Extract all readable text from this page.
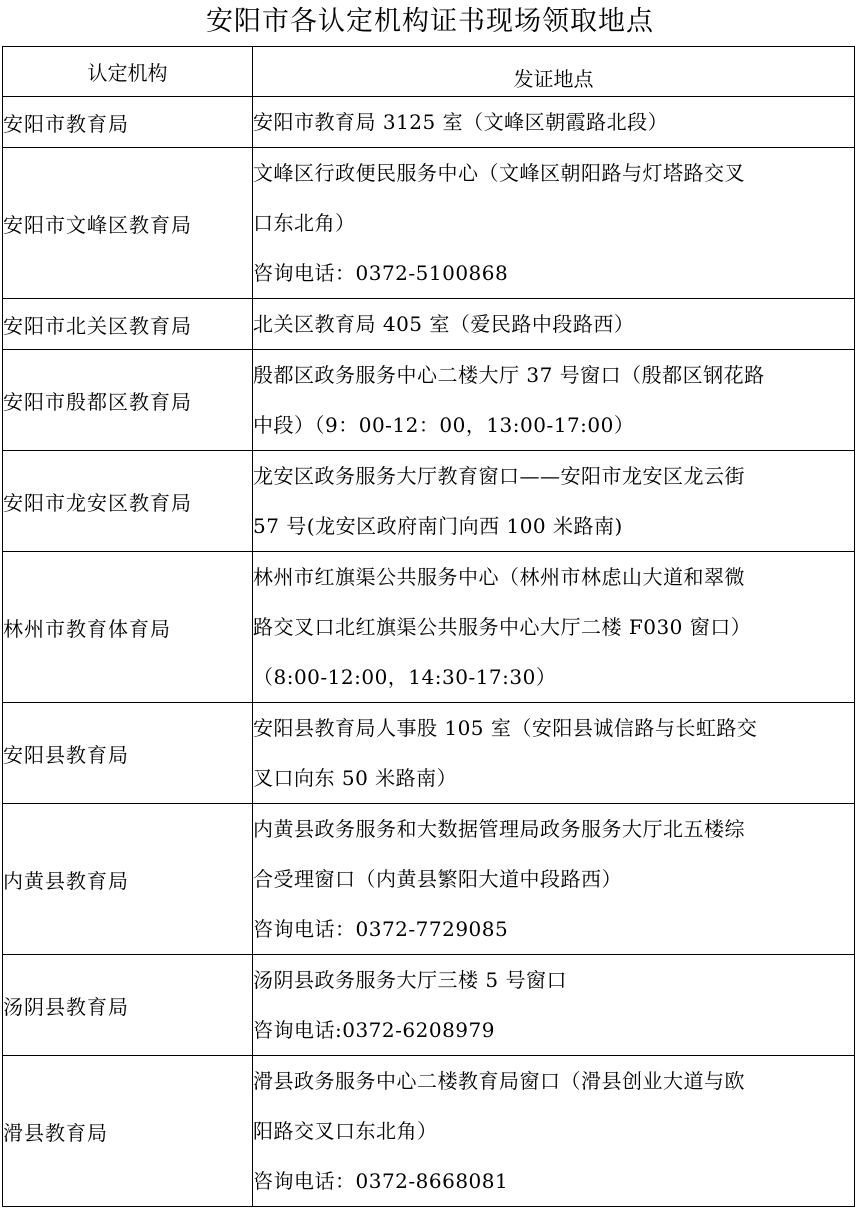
安阳市各认定机构证书现场领取地点
认定机构	发证地点

安阳市教育局	安阳市教育局 3125 室（文峰区朝霞路北段）

安阳市文峰区教育局	文峰区行政便民服务中心（文峰区朝阳路与灯塔路交叉
口东北角）
咨询电话：0372-5100868

安阳市北关区教育局	北关区教育局 405 室（爱民路中段路西）

安阳市殷都区教育局	殷都区政务服务中心二楼大厅 37 号窗口（殷都区钢花路
中段）（9：00-12：00，13:00-17:00）

安阳市龙安区教育局	龙安区政务服务大厅教育窗口——安阳市龙安区龙云街
57 号(龙安区政府南门向西 100 米路南)

林州市教育体育局	林州市红旗渠公共服务中心（林州市林虑山大道和翠微
路交叉口北红旗渠公共服务中心大厅二楼 F030 窗口）
（8:00-12:00，14:30-17:30）

安阳县教育局	安阳县教育局人事股 105 室（安阳县诚信路与长虹路交
叉口向东 50 米路南）

内黄县教育局	内黄县政务服务和大数据管理局政务服务大厅北五楼综
合受理窗口（内黄县繁阳大道中段路西）
咨询电话：0372-7729085

汤阴县教育局	汤阴县政务服务大厅三楼 5 号窗口
咨询电话:0372-6208979

滑县教育局	滑县政务服务中心二楼教育局窗口（滑县创业大道与欧
阳路交叉口东北角）
咨询电话：0372-8668081
